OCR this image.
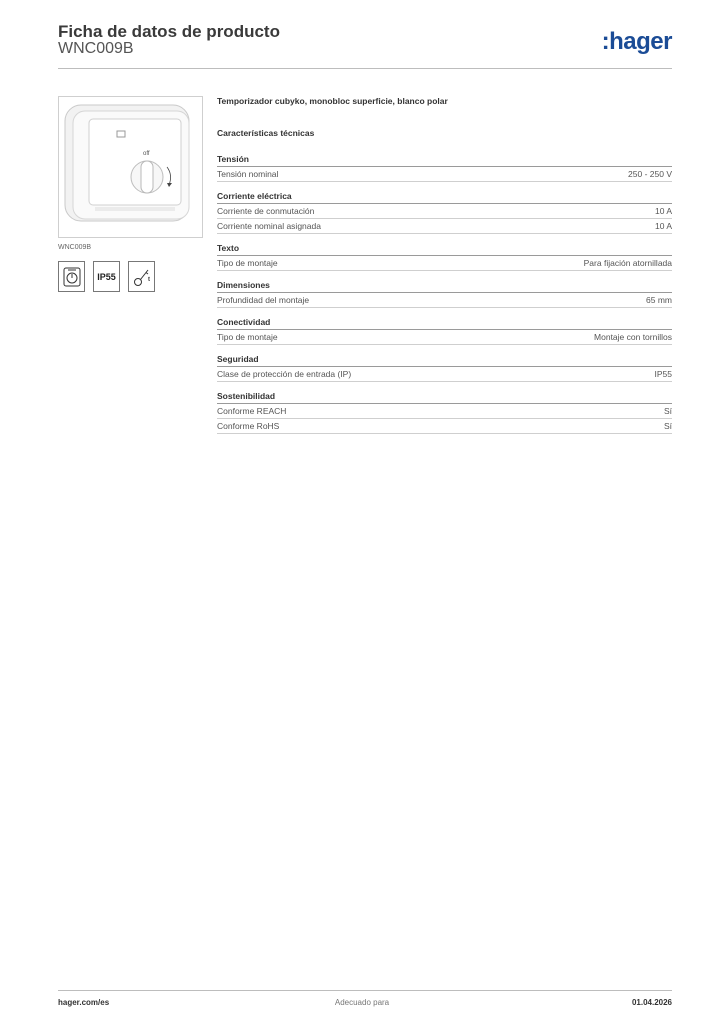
Ficha de datos de producto
WNC009B	:hager
off
WNC009B
IP55	t
Temporizador cubyko, monobloc superficie, blanco polar
Características técnicas
Tensión
Tensión nominal	250 - 250 V
Corriente eléctrica
Corriente de conmutación	10 A
Corriente nominal asignada	10 A
Texto
Tipo de montaje	Para fijación atornillada
Dimensiones
Profundidad del montaje	65 mm
Conectividad
Tipo de montaje	Montaje con tornillos
Seguridad
Clase de protección de entrada (IP)	IP55
Sostenibilidad
Conforme REACH	Sí
Conforme RoHS	Sí
hager.com/es	Adecuado para	01.04.2026
